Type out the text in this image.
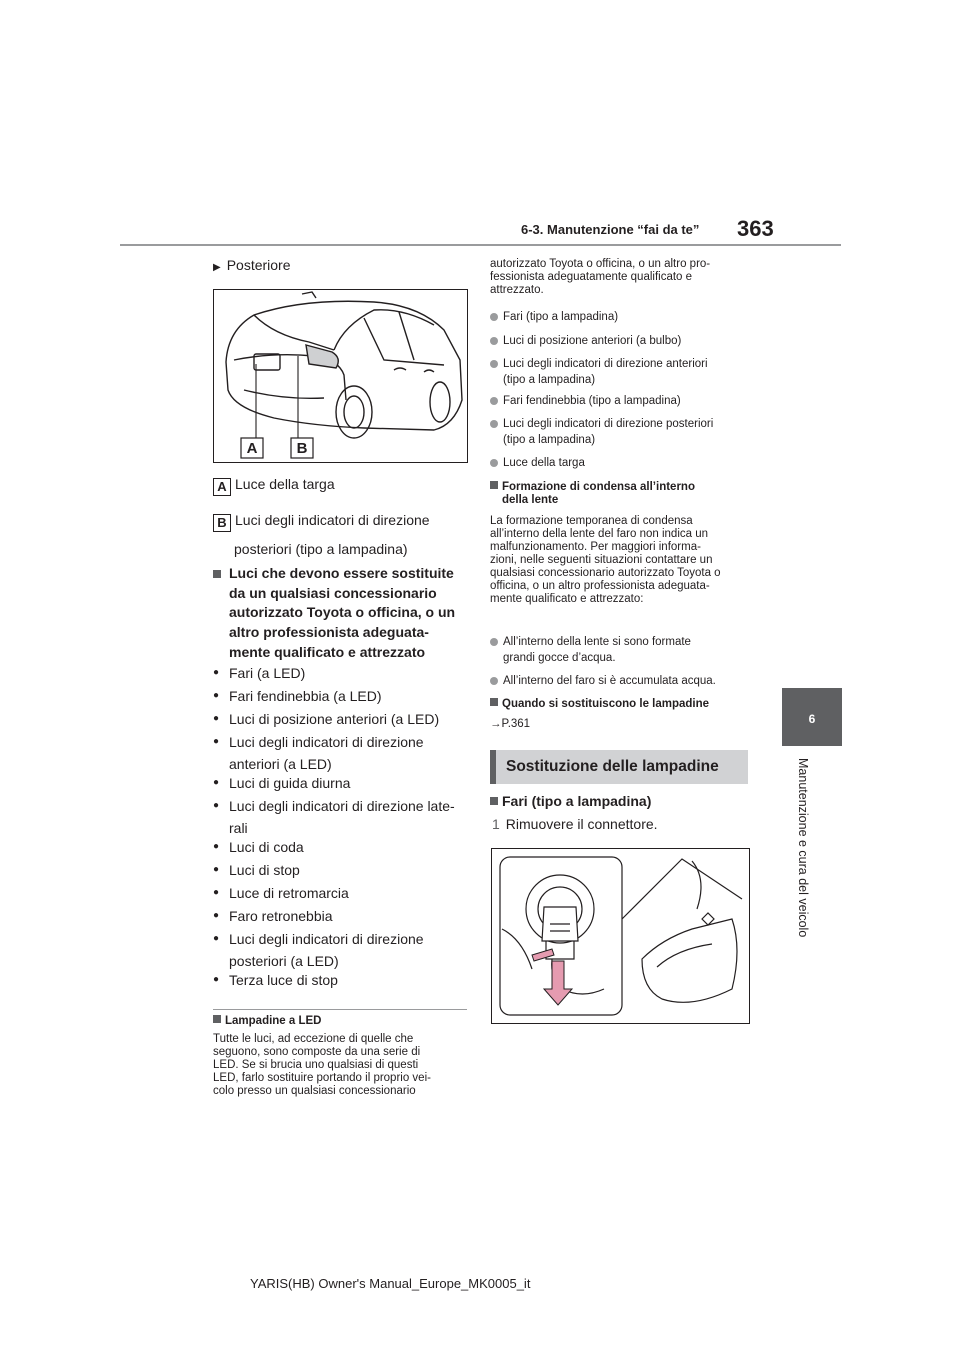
6-3. Manutenzione “fai da te” 363
6
Manutenzione e cura del veicolo
▶ Posteriore
A	B
A Luce della targa
B Luci degli indicatori di direzione
posteriori (tipo a lampadina)
Luci che devono essere sostituite
da un qualsiasi concessionario
autorizzato Toyota o officina, o un
altro professionista adeguata-
mente qualificato e attrezzato
● Fari (a LED)
● Fari fendinebbia (a LED)
● Luci di posizione anteriori (a LED)
● Luci degli indicatori di direzione
anteriori (a LED)
● Luci di guida diurna
● Luci degli indicatori di direzione late-
rali
● Luci di coda
● Luci di stop
● Luce di retromarcia
● Faro retronebbia
● Luci degli indicatori di direzione
posteriori (a LED)
● Terza luce di stop
Lampadine a LED
Tutte le luci, ad eccezione di quelle che
seguono, sono composte da una serie di
LED. Se si brucia uno qualsiasi di questi
LED, farlo sostituire portando il proprio vei-
colo presso un qualsiasi concessionario
autorizzato Toyota o officina, o un altro pro-
fessionista adeguatamente qualificato e
attrezzato.
Fari (tipo a lampadina)
Luci di posizione anteriori (a bulbo)
Luci degli indicatori di direzione anteriori
(tipo a lampadina)
Fari fendinebbia (tipo a lampadina)
Luci degli indicatori di direzione posteriori
(tipo a lampadina)
Luce della targa
Formazione di condensa all’interno
della lente
La formazione temporanea di condensa
all’interno della lente del faro non indica un
malfunzionamento. Per maggiori informa-
zioni, nelle seguenti situazioni contattare un
qualsiasi concessionario autorizzato Toyota o
officina, o un altro professionista adeguata-
mente qualificato e attrezzato:
All’interno della lente si sono formate
grandi gocce d’acqua.
All’interno del faro si è accumulata acqua.
Quando si sostituiscono le lampadine
→P.361
Sostituzione delle lampadine
Fari (tipo a lampadina)
1 Rimuovere il connettore.
YARIS(HB) Owner's Manual_Europe_MK0005_it
